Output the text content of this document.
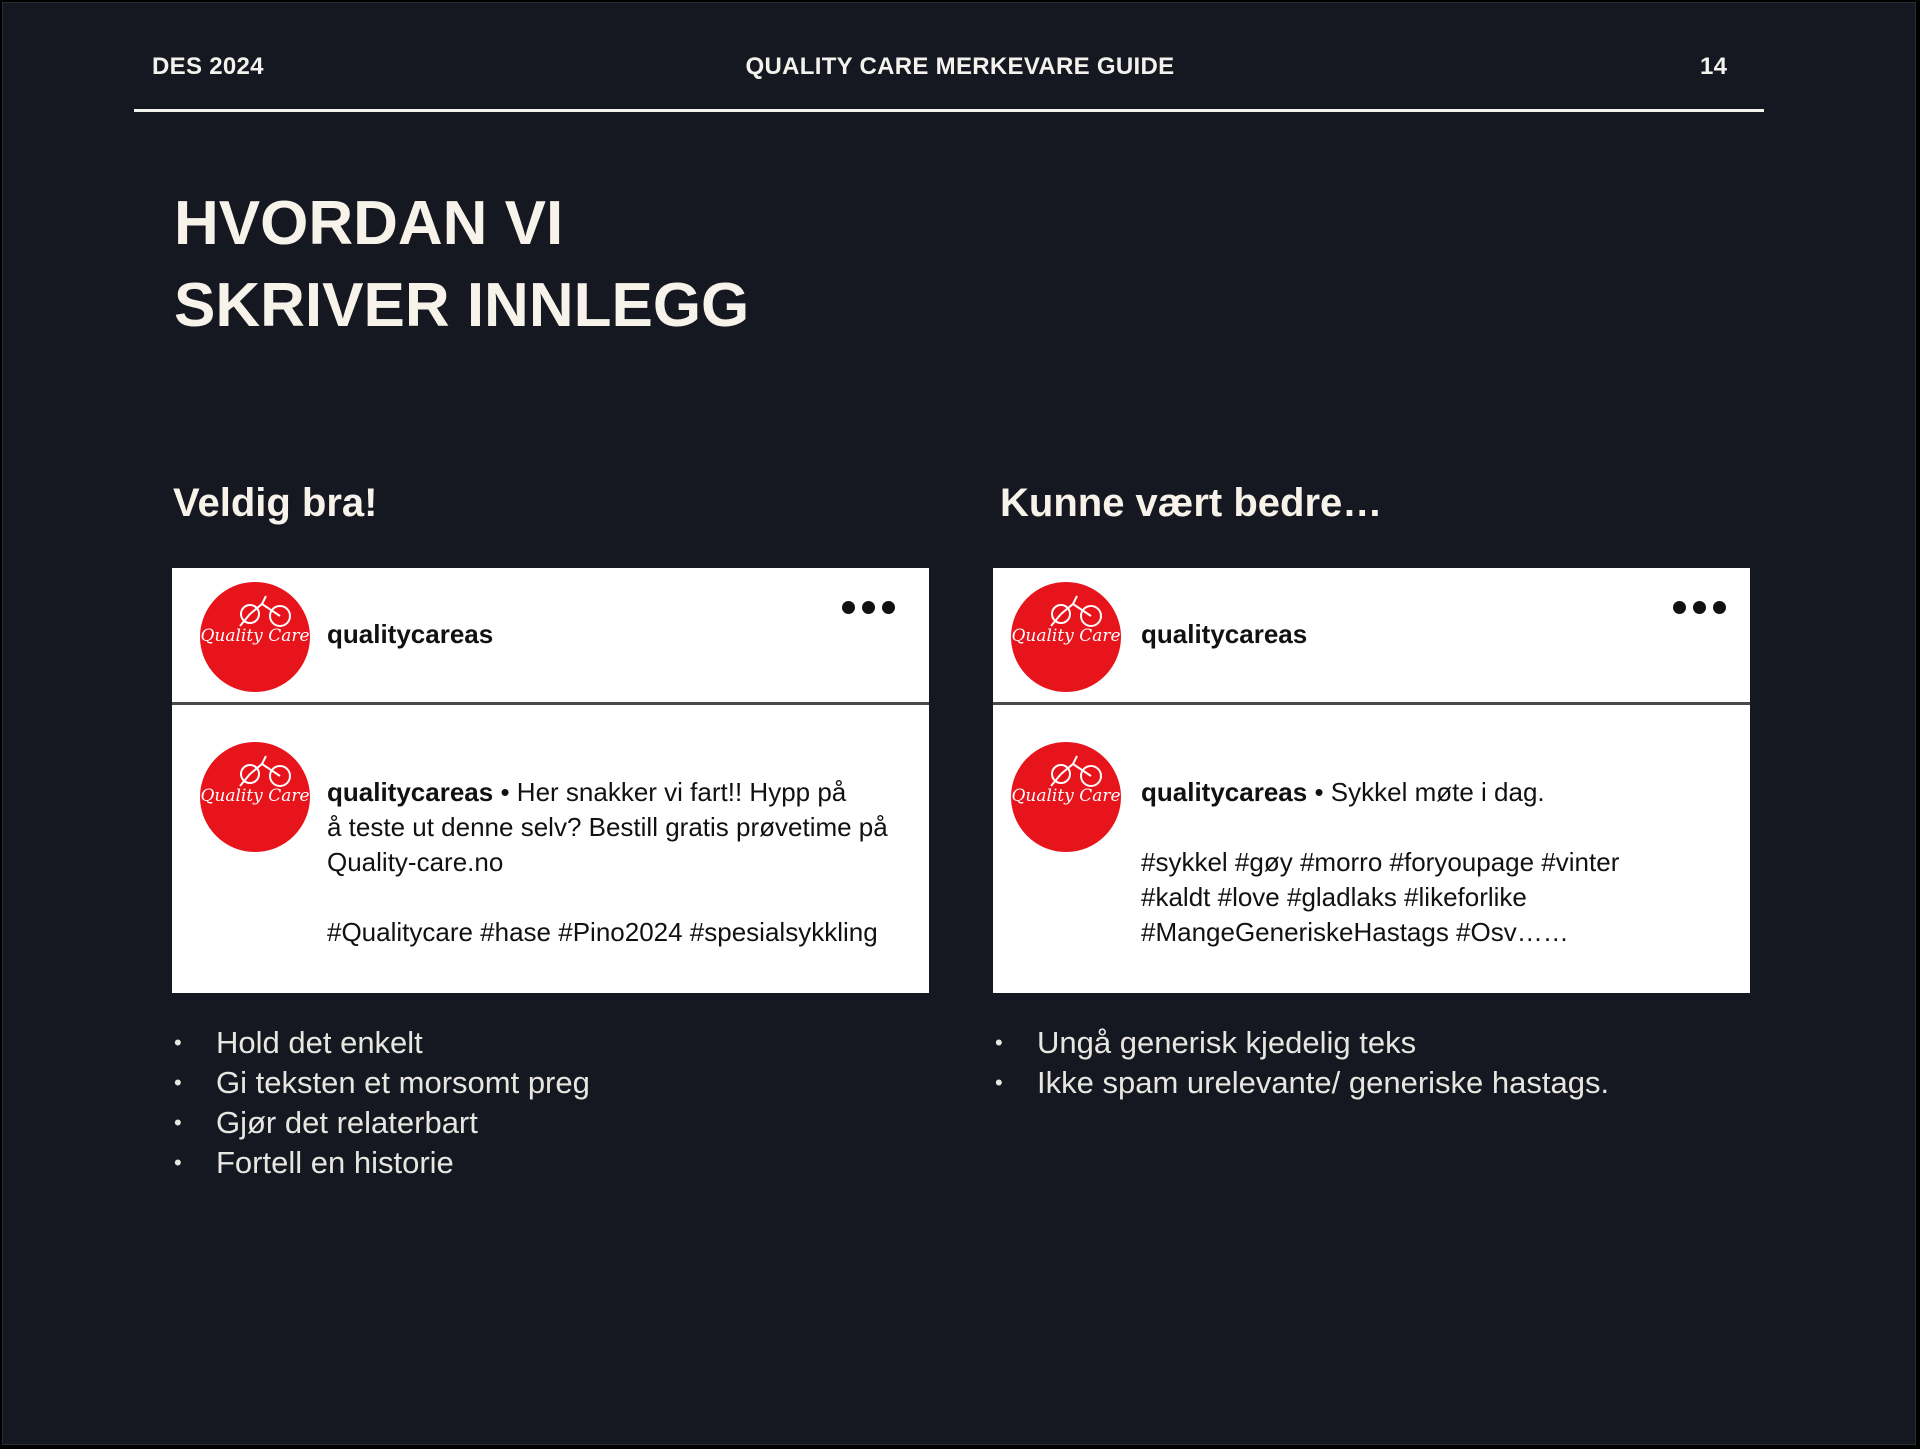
DES 2024	QUALITY CARE MERKEVARE GUIDE	14
HVORDAN VI
SKRIVER INNLEGG
Veldig bra!
Quality Care qualitycareas
Quality Care qualitycareas • Her snakker vi fart!! Hypp på
å teste ut denne selv? Bestill gratis prøvetime på
Quality-care.no
#Qualitycare #hase #Pino2024 #spesialsykkling
• Hold det enkelt
• Gi teksten et morsomt preg
• Gjør det relaterbart
• Fortell en historie
Kunne vært bedre…
Quality Care qualitycareas
Quality Care qualitycareas • Sykkel møte i dag.
#sykkel #gøy #morro #foryoupage #vinter
#kaldt #love #gladlaks #likeforlike
#MangeGeneriskeHastags #Osv……
• Ungå generisk kjedelig teks
• Ikke spam urelevante/ generiske hastags.
